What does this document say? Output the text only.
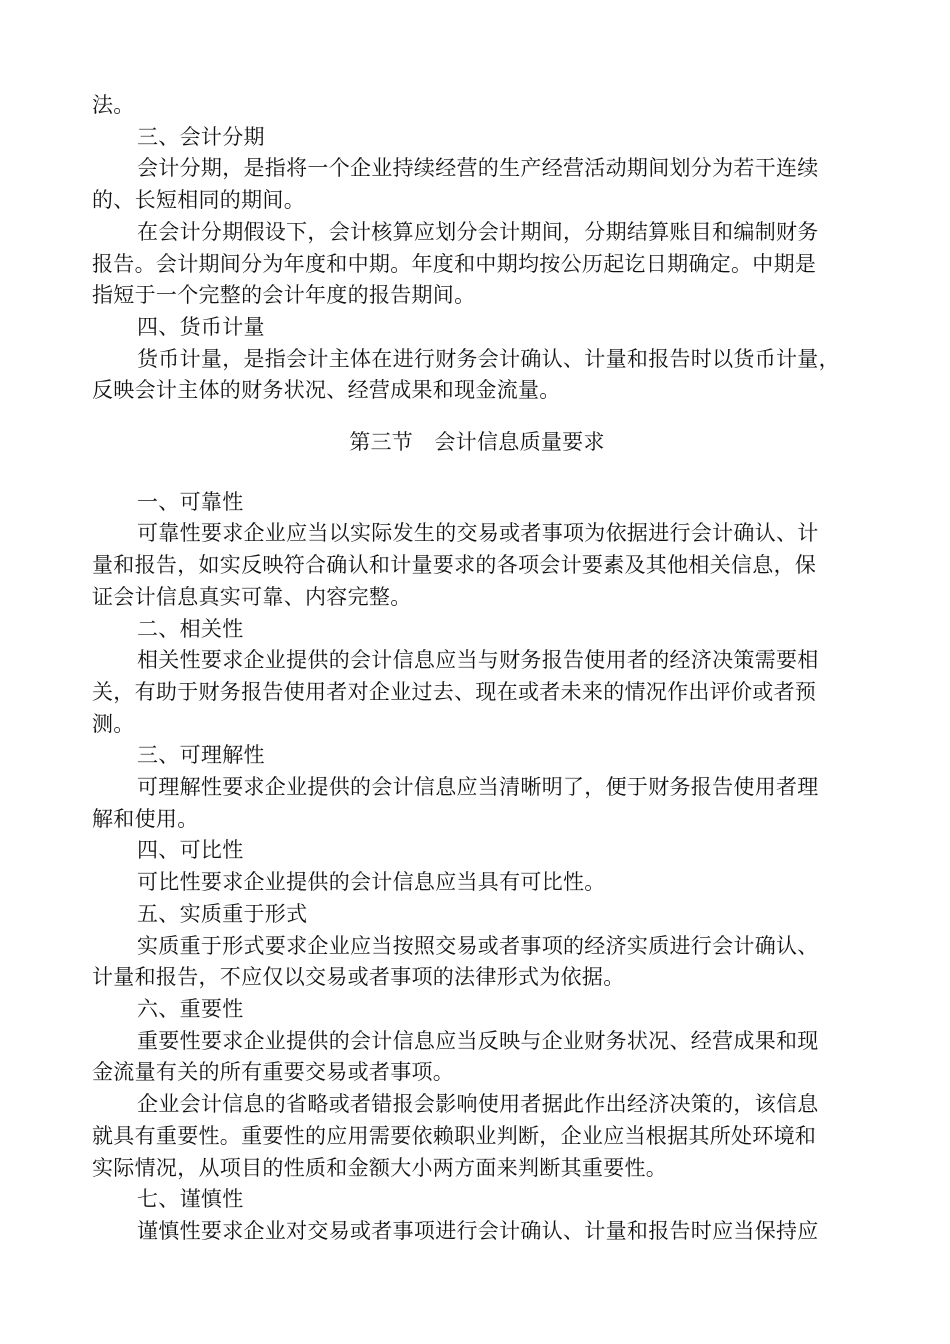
法。

三、会计分期

会计分期，是指将一个企业持续经营的生产经营活动期间划分为若干连续

的、长短相同的期间。

在会计分期假设下，会计核算应划分会计期间，分期结算账目和编制财务

报告。会计期间分为年度和中期。年度和中期均按公历起讫日期确定。中期是

指短于一个完整的会计年度的报告期间。

四、货币计量

货币计量，是指会计主体在进行财务会计确认、计量和报告时以货币计量，

反映会计主体的财务状况、经营成果和现金流量。

第三节　会计信息质量要求

一、可靠性

可靠性要求企业应当以实际发生的交易或者事项为依据进行会计确认、计

量和报告，如实反映符合确认和计量要求的各项会计要素及其他相关信息，保

证会计信息真实可靠、内容完整。

二、相关性

相关性要求企业提供的会计信息应当与财务报告使用者的经济决策需要相

关，有助于财务报告使用者对企业过去、现在或者未来的情况作出评价或者预

测。

三、可理解性

可理解性要求企业提供的会计信息应当清晰明了，便于财务报告使用者理

解和使用。

四、可比性

可比性要求企业提供的会计信息应当具有可比性。

五、实质重于形式

实质重于形式要求企业应当按照交易或者事项的经济实质进行会计确认、

计量和报告，不应仅以交易或者事项的法律形式为依据。

六、重要性

重要性要求企业提供的会计信息应当反映与企业财务状况、经营成果和现

金流量有关的所有重要交易或者事项。

企业会计信息的省略或者错报会影响使用者据此作出经济决策的，该信息

就具有重要性。重要性的应用需要依赖职业判断，企业应当根据其所处环境和

实际情况，从项目的性质和金额大小两方面来判断其重要性。

七、谨慎性

谨慎性要求企业对交易或者事项进行会计确认、计量和报告时应当保持应
